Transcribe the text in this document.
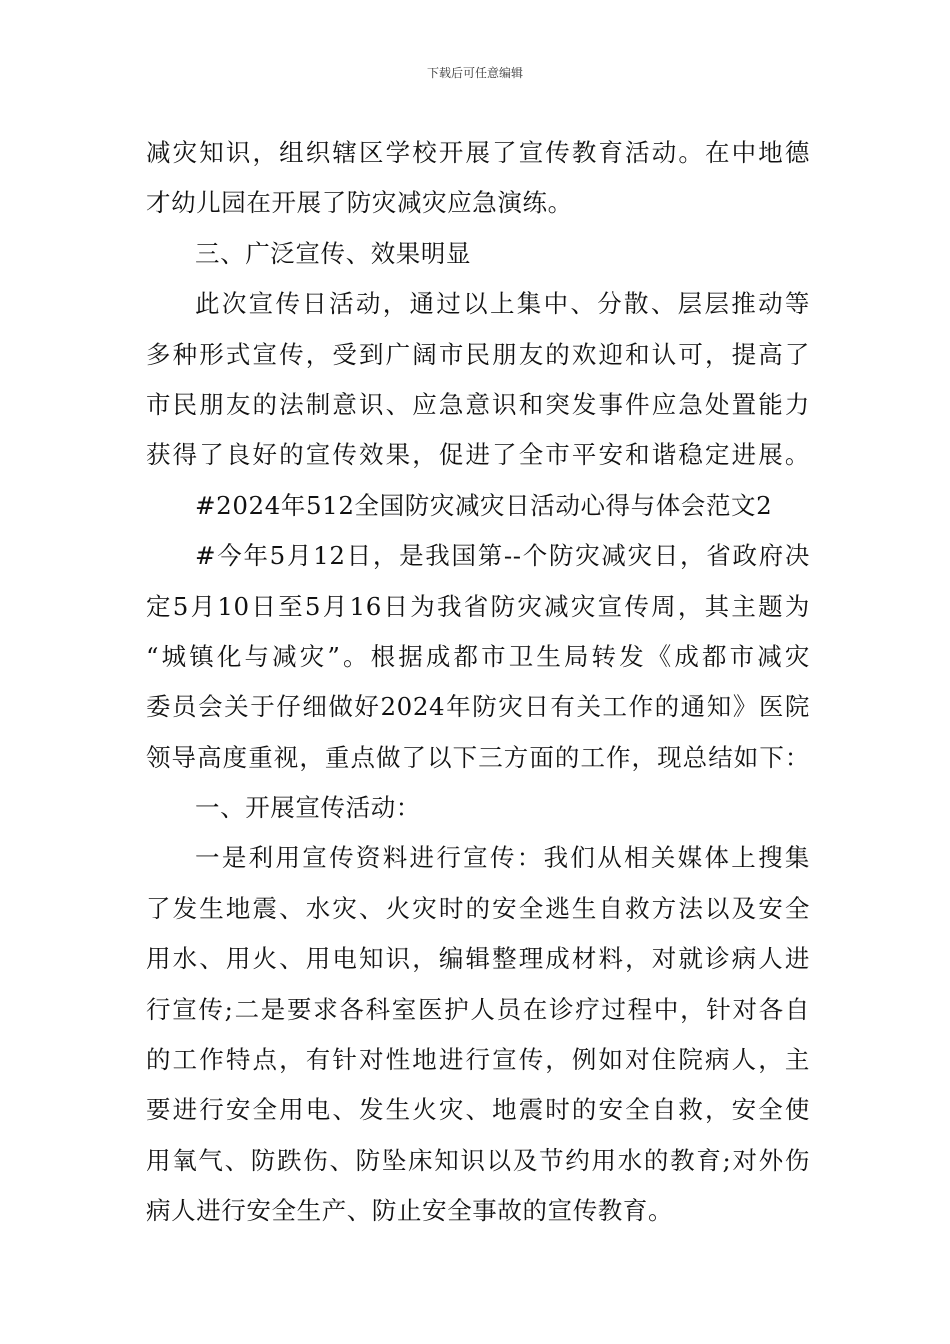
下载后可任意编辑
减灾知识，组织辖区学校开展了宣传教育活动。在中地德
才幼儿园在开展了防灾减灾应急演练。
三、广泛宣传、效果明显
此次宣传日活动，通过以上集中、分散、层层推动等
多种形式宣传，受到广阔市民朋友的欢迎和认可，提高了
市民朋友的法制意识、应急意识和突发事件应急处置能力
获得了良好的宣传效果，促进了全市平安和谐稳定进展。
#2024年512全国防灾减灾日活动心得与体会范文2
#今年5月12日，是我国第--个防灾减灾日，省政府决
定5月10日至5月16日为我省防灾减灾宣传周，其主题为
“城镇化与减灾”。根据成都市卫生局转发《成都市减灾
委员会关于仔细做好2024年防灾日有关工作的通知》医院
领导高度重视，重点做了以下三方面的工作，现总结如下：
一、开展宣传活动：
一是利用宣传资料进行宣传：我们从相关媒体上搜集
了发生地震、水灾、火灾时的安全逃生自救方法以及安全
用水、用火、用电知识，编辑整理成材料，对就诊病人进
行宣传;二是要求各科室医护人员在诊疗过程中，针对各自
的工作特点，有针对性地进行宣传，例如对住院病人，主
要进行安全用电、发生火灾、地震时的安全自救，安全使
用氧气、防跌伤、防坠床知识以及节约用水的教育;对外伤
病人进行安全生产、防止安全事故的宣传教育。
